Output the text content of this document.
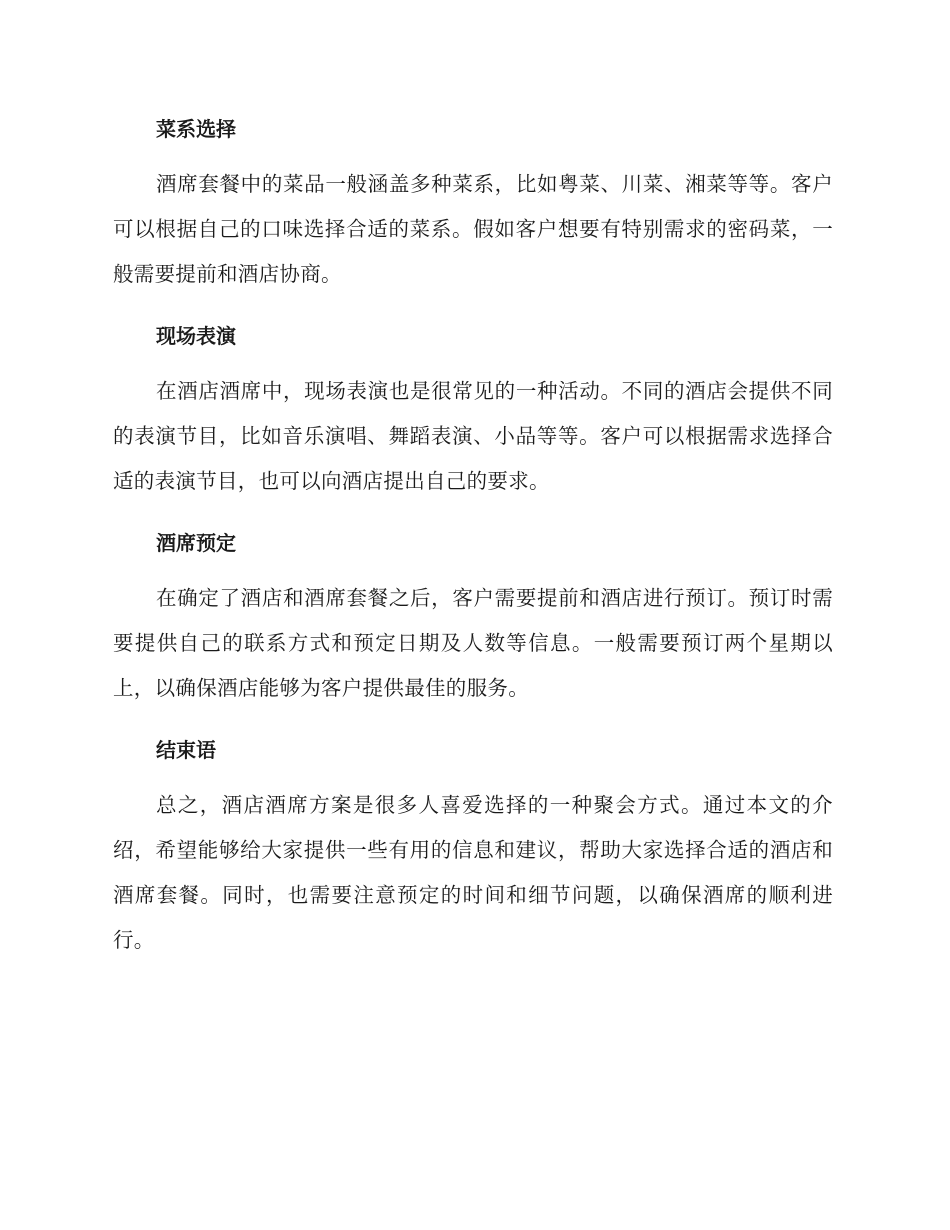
菜系选择

酒席套餐中的菜品一般涵盖多种菜系，比如粤菜、川菜、湘菜等等。客户可以根据自己的口味选择合适的菜系。假如客户想要有特别需求的密码菜，一般需要提前和酒店协商。

现场表演

在酒店酒席中，现场表演也是很常见的一种活动。不同的酒店会提供不同的表演节目，比如音乐演唱、舞蹈表演、小品等等。客户可以根据需求选择合适的表演节目，也可以向酒店提出自己的要求。

酒席预定

在确定了酒店和酒席套餐之后，客户需要提前和酒店进行预订。预订时需要提供自己的联系方式和预定日期及人数等信息。一般需要预订两个星期以上，以确保酒店能够为客户提供最佳的服务。

结束语

总之，酒店酒席方案是很多人喜爱选择的一种聚会方式。通过本文的介绍，希望能够给大家提供一些有用的信息和建议，帮助大家选择合适的酒店和酒席套餐。同时，也需要注意预定的时间和细节问题，以确保酒席的顺利进行。
